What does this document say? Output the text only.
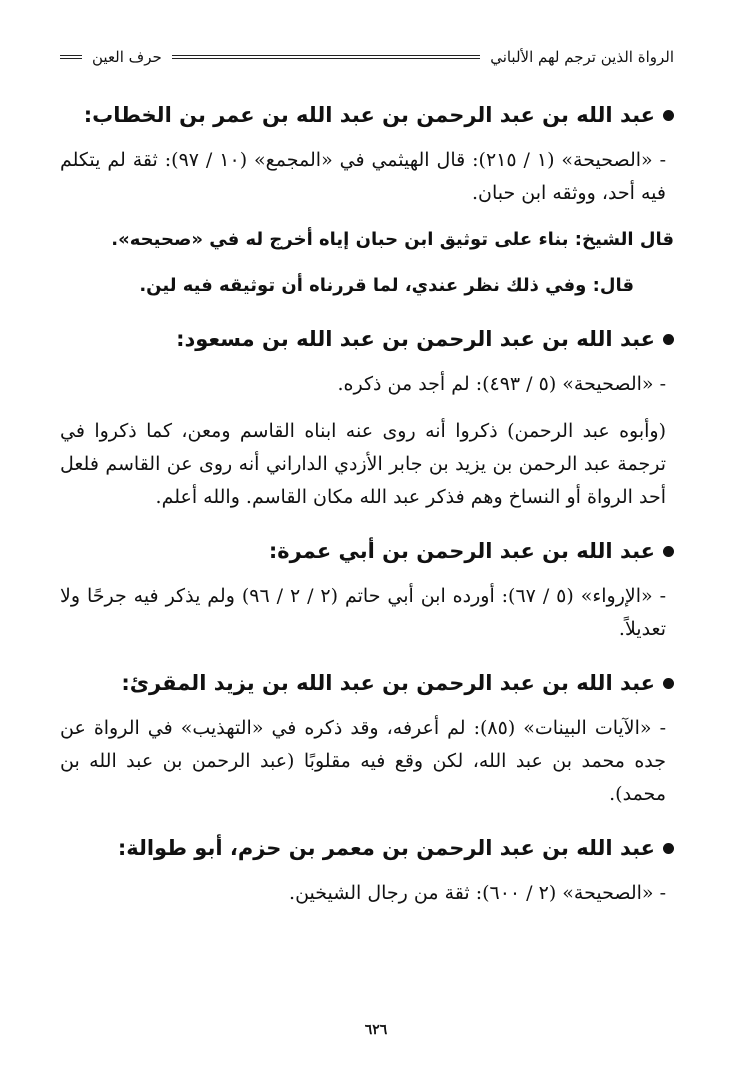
الرواة الذين ترجم لهم الألباني
حرف العين
عبد الله بن عبد الرحمن بن عبد الله بن عمر بن الخطاب:

- «الصحيحة» (١ / ٢١٥): قال الهيثمي في «المجمع» (١٠ / ٩٧): ثقة لم يتكلم فيه أحد، ووثقه ابن حبان.

قال الشيخ: بناء على توثيق ابن حبان إياه أخرج له في «صحيحه».

قال: وفي ذلك نظر عندي، لما قررناه أن توثيقه فيه لين.

عبد الله بن عبد الرحمن بن عبد الله بن مسعود:

- «الصحيحة» (٥ / ٤٩٣): لم أجد من ذكره.

(وأبوه عبد الرحمن) ذكروا أنه روى عنه ابناه القاسم ومعن، كما ذكروا في ترجمة عبد الرحمن بن يزيد بن جابر الأزدي الداراني أنه روى عن القاسم فلعل أحد الرواة أو النساخ وهم فذكر عبد الله مكان القاسم. والله أعلم.

عبد الله بن عبد الرحمن بن أبي عمرة:

- «الإرواء» (٥ / ٦٧): أورده ابن أبي حاتم (٢ / ٢ / ٩٦) ولم يذكر فيه جرحًا ولا تعديلاً.

عبد الله بن عبد الرحمن بن عبد الله بن يزيد المقرئ:

- «الآيات البينات» (٨٥): لم أعرفه، وقد ذكره في «التهذيب» في الرواة عن جده محمد بن عبد الله، لكن وقع فيه مقلوبًا (عبد الرحمن بن عبد الله بن محمد).

عبد الله بن عبد الرحمن بن معمر بن حزم، أبو طوالة:

- «الصحيحة» (٢ / ٦٠٠): ثقة من رجال الشيخين.

٦٢٦
